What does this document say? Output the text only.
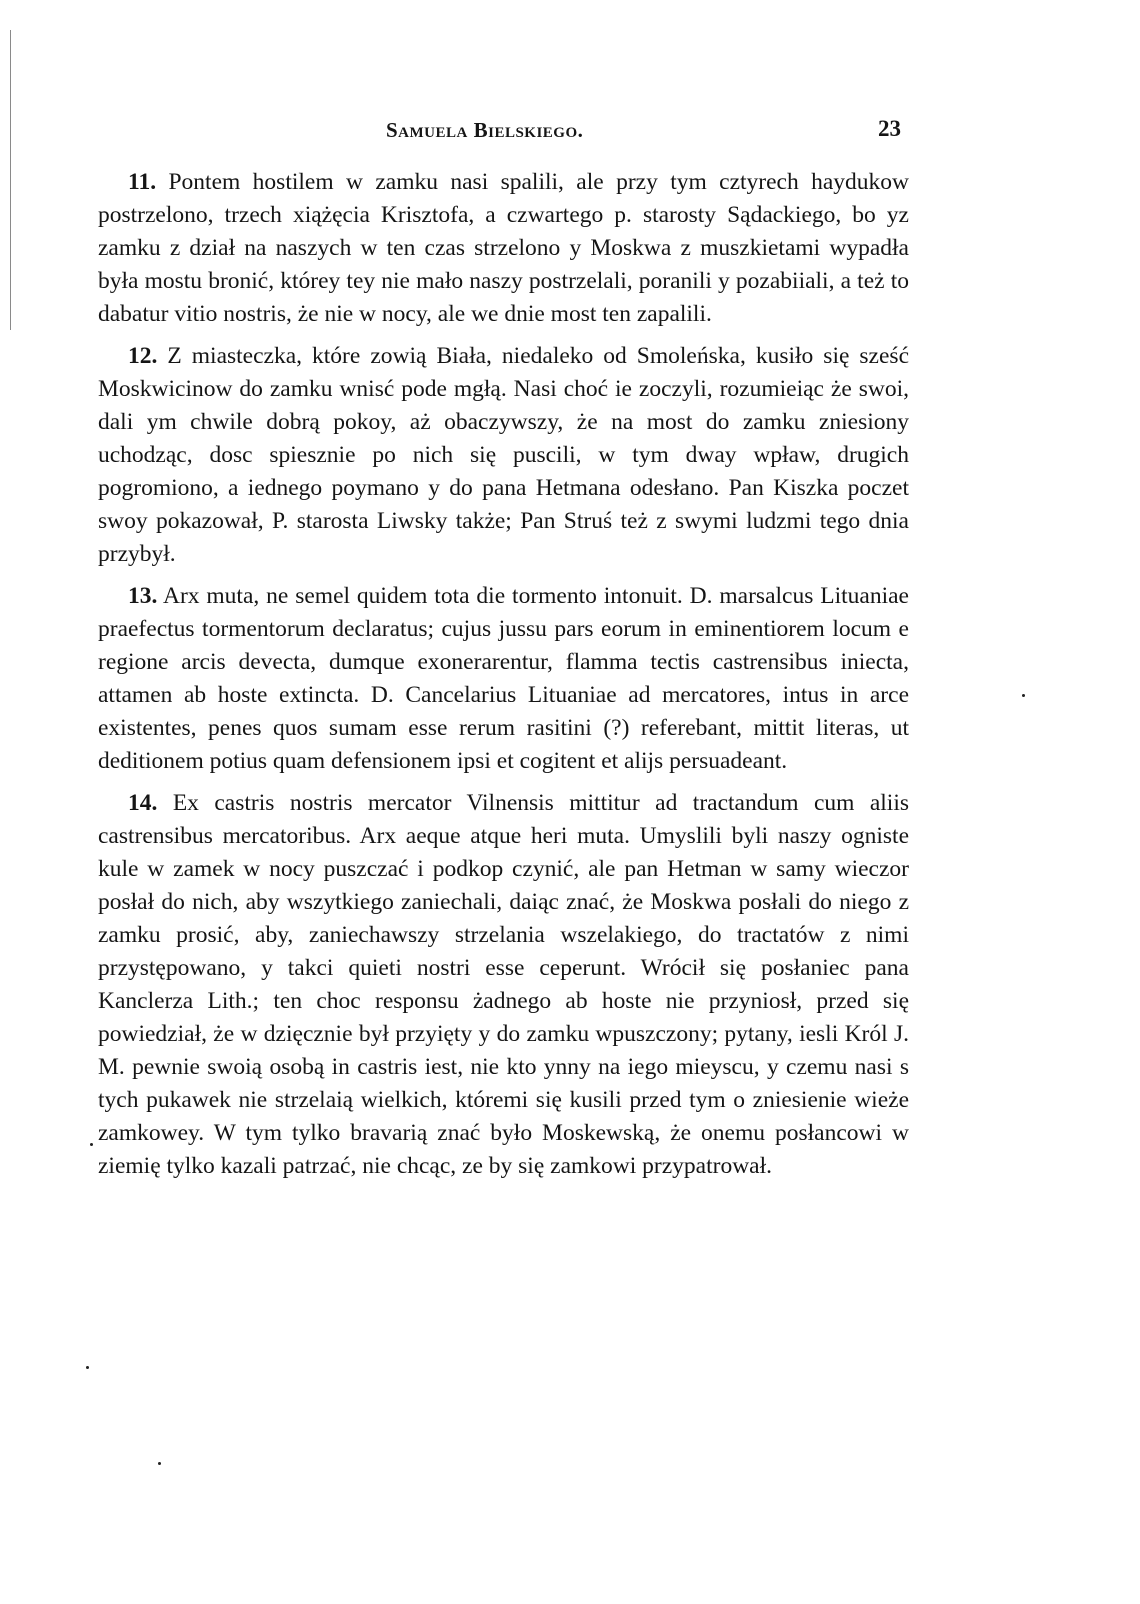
Samuela Bielskiego.	23

11. Pontem hostilem w zamku nasi spalili, ale przy tym cztyrech haydukow postrzelono, trzech xiążęcia Krisztofa, a czwartego p. starosty Sądackiego, bo yz zamku z dział na naszych w ten czas strzelono y Moskwa z muszkietami wypadła była mostu bronić, którey tey nie mało naszy postrzelali, poranili y pozabiiali, a też to dabatur vitio nostris, że nie w nocy, ale we dnie most ten zapalili.

12. Z miasteczka, które zowią Biała, niedaleko od Smoleńska, kusiło się sześć Moskwicinow do zamku wnisć pode mgłą. Nasi choć ie zoczyli, rozumieiąc że swoi, dali ym chwile dobrą pokoy, aż obaczywszy, że na most do zamku zniesiony uchodząc, dosc spiesznie po nich się puscili, w tym dway wpław, drugich pogromiono, a iednego poymano y do pana Hetmana odesłano. Pan Kiszka poczet swoy pokazował, P. starosta Liwsky także; Pan Struś też z swymi ludzmi tego dnia przybył.

13. Arx muta, ne semel quidem tota die tormento intonuit. D. marsalcus Lituaniae praefectus tormentorum declaratus; cujus jussu pars eorum in eminentiorem locum e regione arcis devecta, dumque exonerarentur, flamma tectis castrensibus iniecta, attamen ab hoste extincta. D. Cancelarius Lituaniae ad mercatores, intus in arce existentes, penes quos sumam esse rerum rasitini (?) referebant, mittit literas, ut deditionem potius quam defensionem ipsi et cogitent et alijs persuadeant.

14. Ex castris nostris mercator Vilnensis mittitur ad tractandum cum aliis castrensibus mercatoribus. Arx aeque atque heri muta. Umyslili byli naszy ogniste kule w zamek w nocy puszczać i podkop czynić, ale pan Hetman w samy wieczor posłał do nich, aby wszytkiego zaniechali, daiąc znać, że Moskwa posłali do niego z zamku prosić, aby, zaniechawszy strzelania wszelakiego, do tractatów z nimi przystępowano, y takci quieti nostri esse ceperunt. Wrócił się posłaniec pana Kanclerza Lith.; ten choc responsu żadnego ab hoste nie przyniosł, przed się powiedział, że w dzięcznie był przyięty y do zamku wpuszczony; pytany, iesli Król J. M. pewnie swoią osobą in castris iest, nie kto ynny na iego mieyscu, y czemu nasi s tych pukawek nie strzelaią wielkich, któremi się kusili przed tym o zniesienie wieże zamkowey. W tym tylko bravarią znać było Moskewską, że onemu posłancowi w ziemię tylko kazali patrzać, nie chcąc, ze by się zamkowi przypatrował.
